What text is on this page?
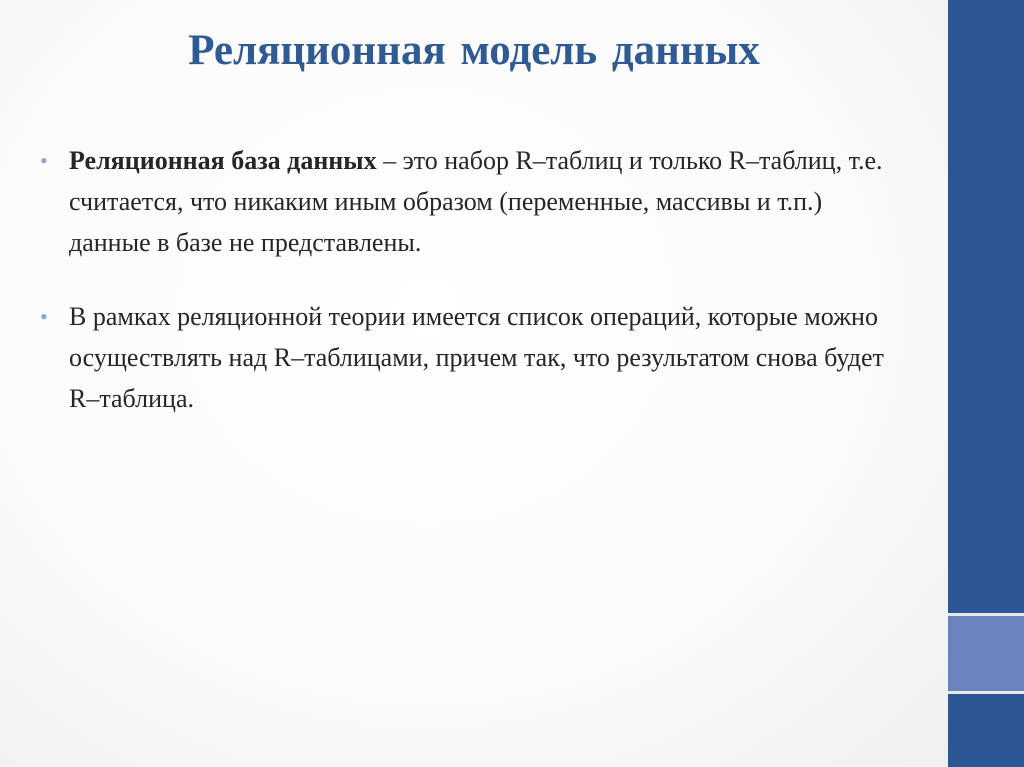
Реляционная модель данных
• Реляционная база данных – это набор R–таблиц и только R–таблиц, т.е. считается, что никаким иным образом (переменные, массивы и т.п.) данные в базе не представлены.
• В рамках реляционной теории имеется список операций, которые можно осуществлять над R–таблицами, причем так, что результатом снова будет R–таблица.
